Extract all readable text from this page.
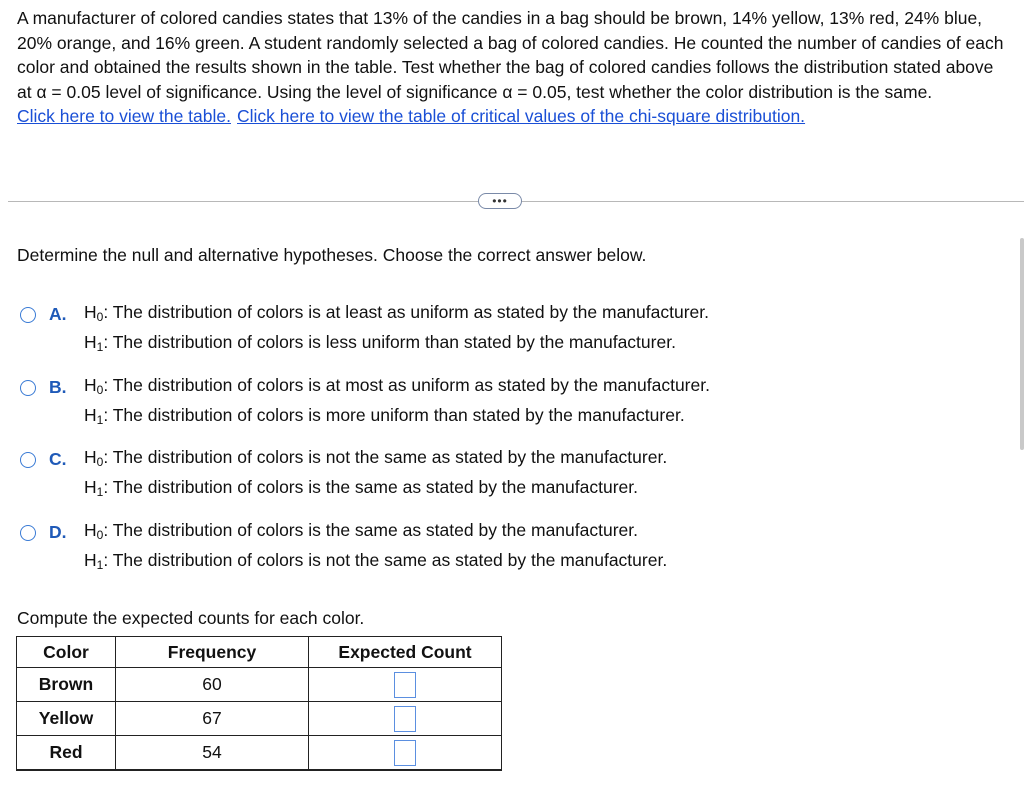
A manufacturer of colored candies states that 13% of the candies in a bag should be brown, 14% yellow, 13% red, 24% blue, 20% orange, and 16% green. A student randomly selected a bag of colored candies. He counted the number of candies of each color and obtained the results shown in the table. Test whether the bag of colored candies follows the distribution stated above at α = 0.05 level of significance. Using the level of significance α = 0.05, test whether the color distribution is the same.

Click here to view the table. Click here to view the table of critical values of the chi-square distribution.
•••
Determine the null and alternative hypotheses. Choose the correct answer below.
A. $H_0$: The distribution of colors is at least as uniform as stated by the manufacturer.
$H_1$: The distribution of colors is less uniform than stated by the manufacturer.
B. $H_0$: The distribution of colors is at most as uniform as stated by the manufacturer.
$H_1$: The distribution of colors is more uniform than stated by the manufacturer.
C. $H_0$: The distribution of colors is not the same as stated by the manufacturer.
$H_1$: The distribution of colors is the same as stated by the manufacturer.
D. $H_0$: The distribution of colors is the same as stated by the manufacturer.
$H_1$: The distribution of colors is not the same as stated by the manufacturer.
Compute the expected counts for each color.
Color	Frequency	Expected Count
Brown	60	
Yellow	67	
Red	54	
